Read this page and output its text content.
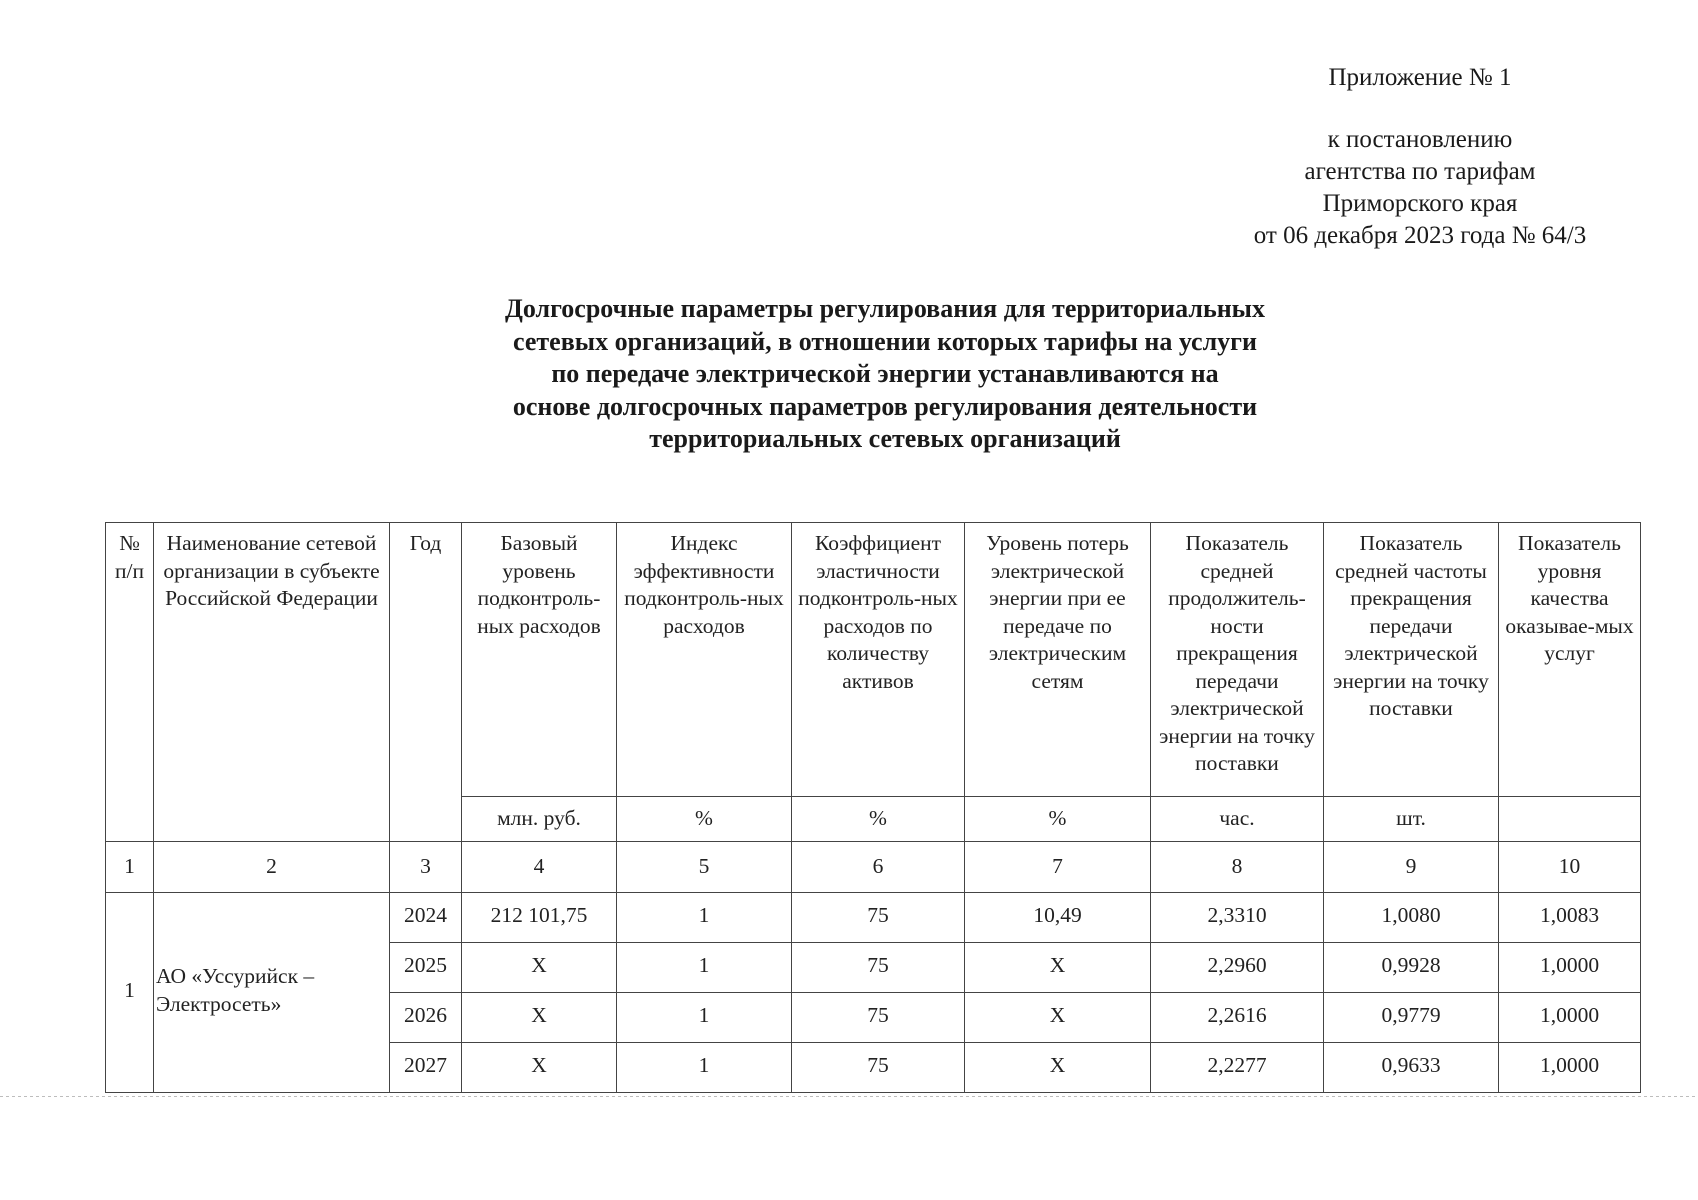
Приложение № 1
к постановлению
агентства по тарифам
Приморского края
от 06 декабря 2023 года № 64/3
Долгосрочные параметры регулирования для территориальных
сетевых организаций, в отношении которых тарифы на услуги
по передаче электрической энергии устанавливаются на
основе долгосрочных параметров регулирования деятельности
территориальных сетевых организаций
№ п/п	Наименование сетевой организации в субъекте Российской Федерации	Год	Базовый уровень подконтроль-ных расходов	Индекс эффективности подконтроль-ных расходов	Коэффициент эластичности подконтроль-ных расходов по количеству активов	Уровень потерь электрической энергии при ее передаче по электрическим сетям	Показатель средней продолжитель-ности прекращения передачи электрической энергии на точку поставки	Показатель средней частоты прекращения передачи электрической энергии на точку поставки	Показатель уровня качества оказывае-мых услуг
			млн. руб.	%	%	%	час.	шт.	
1	2	3	4	5	6	7	8	9	10
1	АО «Уссурийск – Электросеть»	2024	212 101,75	1	75	10,49	2,3310	1,0080	1,0083
		2025	X	1	75	X	2,2960	0,9928	1,0000
		2026	X	1	75	X	2,2616	0,9779	1,0000
		2027	X	1	75	X	2,2277	0,9633	1,0000
